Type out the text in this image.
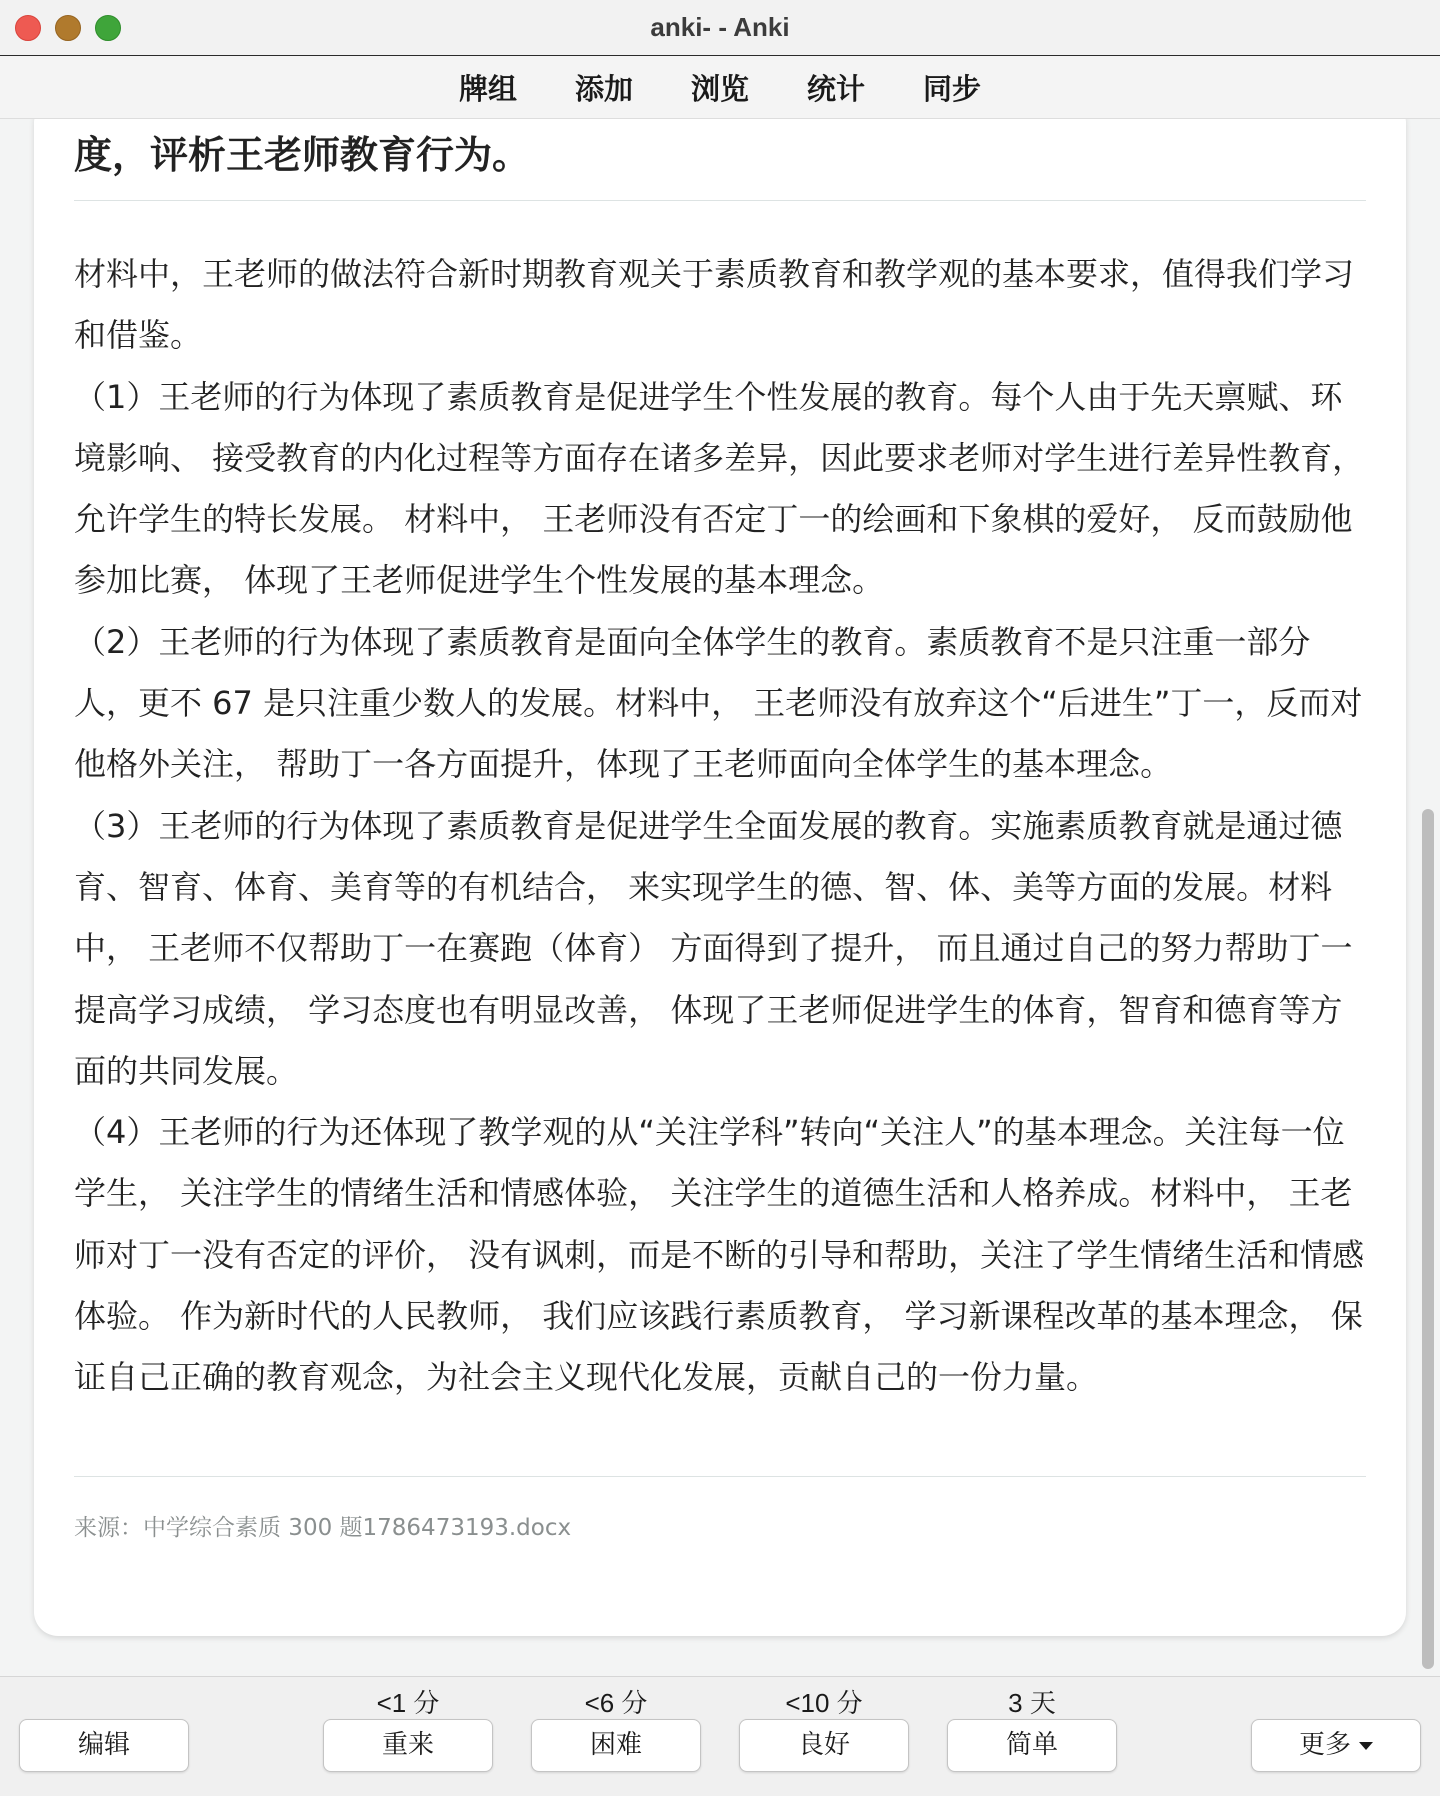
anki- - Anki
牌组	添加	浏览	统计	同步
度，评析王老师教育行为。

材料中，王老师的做法符合新时期教育观关于素质教育和教学观的基本要求，值得我们学习和借鉴。

（1）王老师的行为体现了素质教育是促进学生个性发展的教育。每个人由于先天禀赋、环境影响、 接受教育的内化过程等方面存在诸多差异，因此要求老师对学生进行差异性教育，允许学生的特长发展。 材料中， 王老师没有否定丁一的绘画和下象棋的爱好， 反而鼓励他参加比赛， 体现了王老师促进学生个性发展的基本理念。

（2）王老师的行为体现了素质教育是面向全体学生的教育。素质教育不是只注重一部分人，更不 67 是只注重少数人的发展。材料中， 王老师没有放弃这个“后进生”丁一，反而对他格外关注， 帮助丁一各方面提升，体现了王老师面向全体学生的基本理念。

（3）王老师的行为体现了素质教育是促进学生全面发展的教育。实施素质教育就是通过德育、智育、体育、美育等的有机结合， 来实现学生的德、智、体、美等方面的发展。材料中， 王老师不仅帮助丁一在赛跑（体育） 方面得到了提升， 而且通过自己的努力帮助丁一提高学习成绩， 学习态度也有明显改善， 体现了王老师促进学生的体育，智育和德育等方面的共同发展。

（4）王老师的行为还体现了教学观的从“关注学科”转向“关注人”的基本理念。关注每一位学生， 关注学生的情绪生活和情感体验， 关注学生的道德生活和人格养成。材料中， 王老师对丁一没有否定的评价， 没有讽刺，而是不断的引导和帮助，关注了学生情绪生活和情感体验。 作为新时代的人民教师， 我们应该践行素质教育， 学习新课程改革的基本理念， 保证自己正确的教育观念，为社会主义现代化发展，贡献自己的一份力量。

来源：中学综合素质 300 题1786473193.docx
编辑
<1 分
重来
<6 分
困难
<10 分
良好
3 天
简单	更多
